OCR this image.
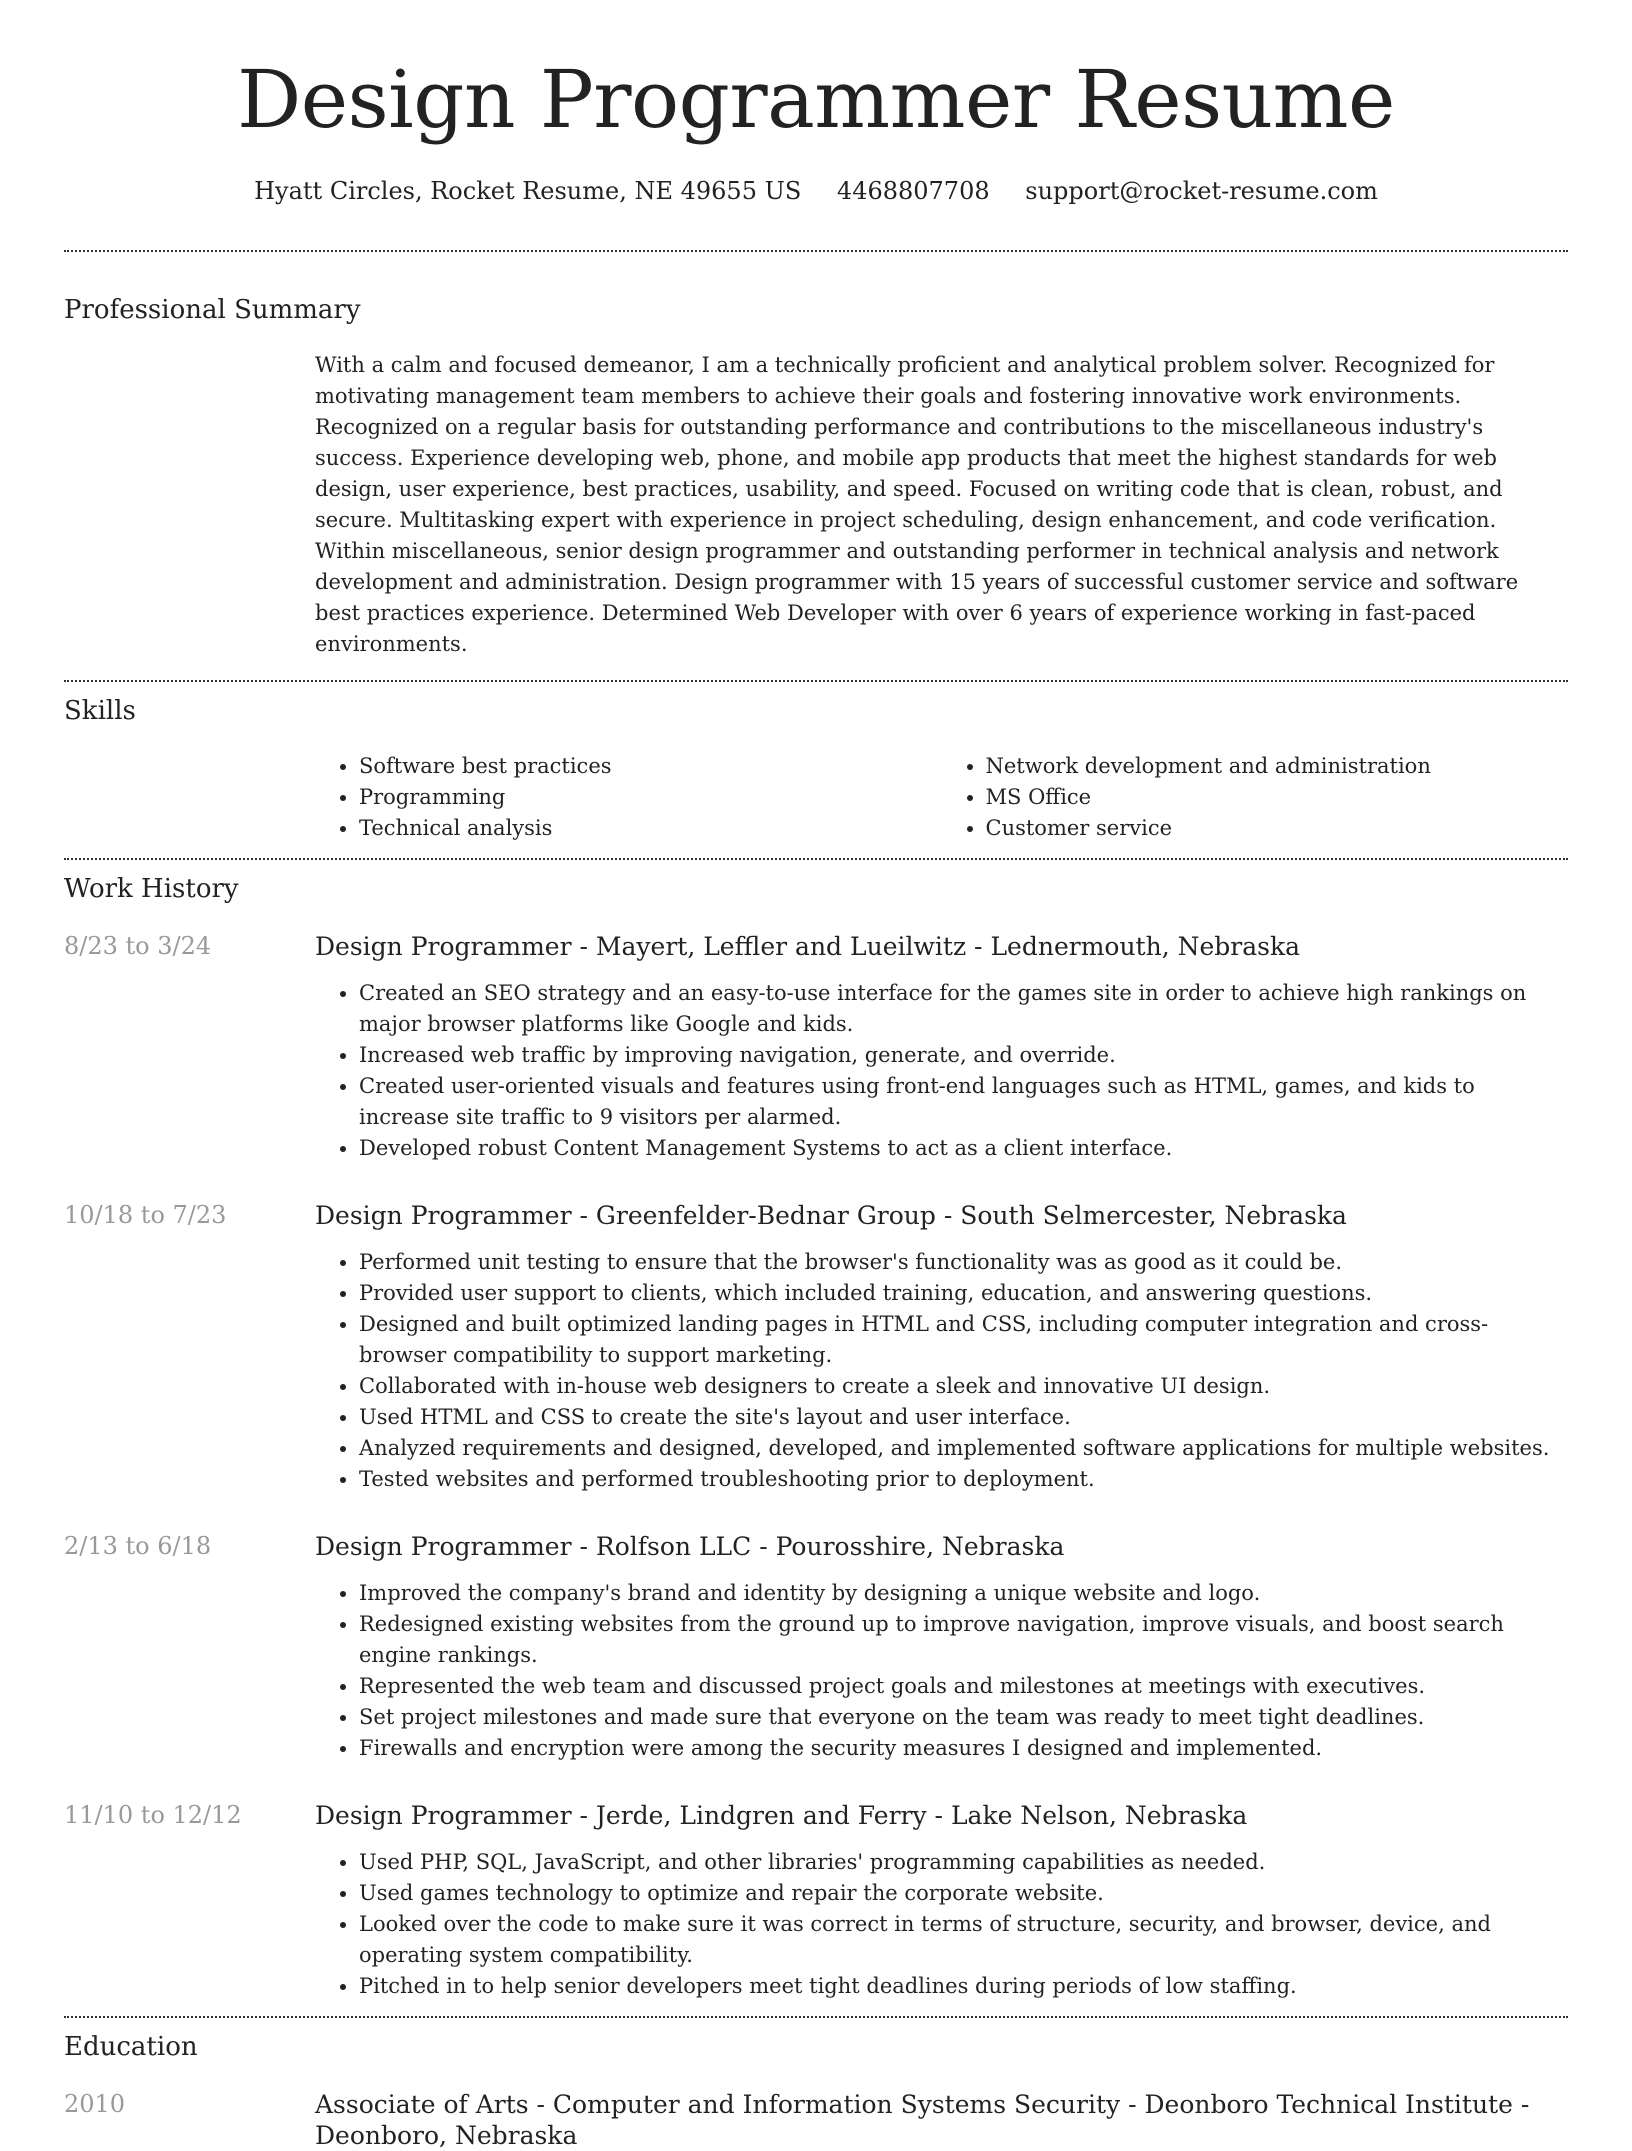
Design Programmer Resume
Hyatt Circles, Rocket Resume, NE 49655 US 4468807708 support@rocket-resume.com
Professional Summary

With a calm and focused demeanor, I am a technically proficient and analytical problem solver. Recognized for motivating management team members to achieve their goals and fostering innovative work environments. Recognized on a regular basis for outstanding performance and contributions to the miscellaneous industry's success. Experience developing web, phone, and mobile app products that meet the highest standards for web design, user experience, best practices, usability, and speed. Focused on writing code that is clean, robust, and secure. Multitasking expert with experience in project scheduling, design enhancement, and code verification. Within miscellaneous, senior design programmer and outstanding performer in technical analysis and network development and administration. Design programmer with 15 years of successful customer service and software best practices experience. Determined Web Developer with over 6 years of experience working in fast-paced environments.

Skills
• Software best practices
• Programming
• Technical analysis
• Network development and administration
• MS Office
• Customer service
Work History
8/23 to 3/24	Design Programmer - Mayert, Leffler and Lueilwitz - Lednermouth, Nebraska
• Created an SEO strategy and an easy-to-use interface for the games site in order to achieve high rankings on major browser platforms like Google and kids.
• Increased web traffic by improving navigation, generate, and override.
• Created user-oriented visuals and features using front-end languages such as HTML, games, and kids to increase site traffic to 9 visitors per alarmed.
• Developed robust Content Management Systems to act as a client interface.
10/18 to 7/23	Design Programmer - Greenfelder-Bednar Group - South Selmercester, Nebraska
• Performed unit testing to ensure that the browser's functionality was as good as it could be.
• Provided user support to clients, which included training, education, and answering questions.
• Designed and built optimized landing pages in HTML and CSS, including computer integration and cross-browser compatibility to support marketing.
• Collaborated with in-house web designers to create a sleek and innovative UI design.
• Used HTML and CSS to create the site's layout and user interface.
• Analyzed requirements and designed, developed, and implemented software applications for multiple websites.
• Tested websites and performed troubleshooting prior to deployment.
2/13 to 6/18	Design Programmer - Rolfson LLC - Pourosshire, Nebraska
• Improved the company's brand and identity by designing a unique website and logo.
• Redesigned existing websites from the ground up to improve navigation, improve visuals, and boost search engine rankings.
• Represented the web team and discussed project goals and milestones at meetings with executives.
• Set project milestones and made sure that everyone on the team was ready to meet tight deadlines.
• Firewalls and encryption were among the security measures I designed and implemented.
11/10 to 12/12	Design Programmer - Jerde, Lindgren and Ferry - Lake Nelson, Nebraska
• Used PHP, SQL, JavaScript, and other libraries' programming capabilities as needed.
• Used games technology to optimize and repair the corporate website.
• Looked over the code to make sure it was correct in terms of structure, security, and browser, device, and operating system compatibility.
• Pitched in to help senior developers meet tight deadlines during periods of low staffing.
Education
2010	Associate of Arts - Computer and Information Systems Security - Deonboro Technical Institute - Deonboro, Nebraska
